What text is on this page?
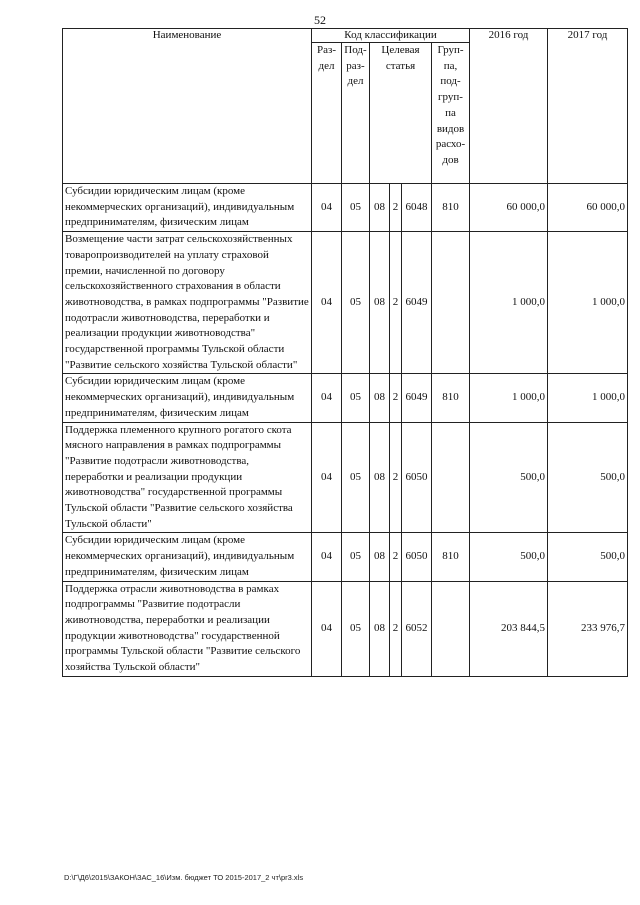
52
Наименование	Код классификации						2016 год	2017 год
	Раз-дел	Под-раз-дел	Целевая статья			Груп-па, под-груп-па видов расхо-дов		
Субсидии юридическим лицам (кроме некоммерческих организаций), индивидуальным предпринимателям, физическим лицам	04	05	08	2	6048	810	60 000,0	60 000,0
Возмещение части затрат сельскохозяйственных товаропроизводителей на уплату страховой премии, начисленной по договору сельскохозяйственного страхования в области животноводства, в рамках подпрограммы "Развитие подотрасли животноводства, переработки и реализации продукции животноводства" государственной программы Тульской области "Развитие сельского хозяйства Тульской области"	04	05	08	2	6049		1 000,0	1 000,0
Субсидии юридическим лицам (кроме некоммерческих организаций), индивидуальным предпринимателям, физическим лицам	04	05	08	2	6049	810	1 000,0	1 000,0
Поддержка племенного крупного рогатого скота мясного направления в рамках подпрограммы "Развитие подотрасли животноводства, переработки и реализации продукции животноводства" государственной программы Тульской области "Развитие сельского хозяйства Тульской области"	04	05	08	2	6050		500,0	500,0
Субсидии юридическим лицам (кроме некоммерческих организаций), индивидуальным предпринимателям, физическим лицам	04	05	08	2	6050	810	500,0	500,0
Поддержка отрасли животноводства в рамках подпрограммы "Развитие подотрасли животноводства, переработки и реализации продукции животноводства" государственной программы Тульской области "Развитие сельского хозяйства Тульской области"	04	05	08	2	6052		203 844,5	233 976,7
D:\Г\Д6\2015\ЗАКОН\ЗАС_16\Изм. бюджет ТО 2015-2017_2 чт\pr3.xls
